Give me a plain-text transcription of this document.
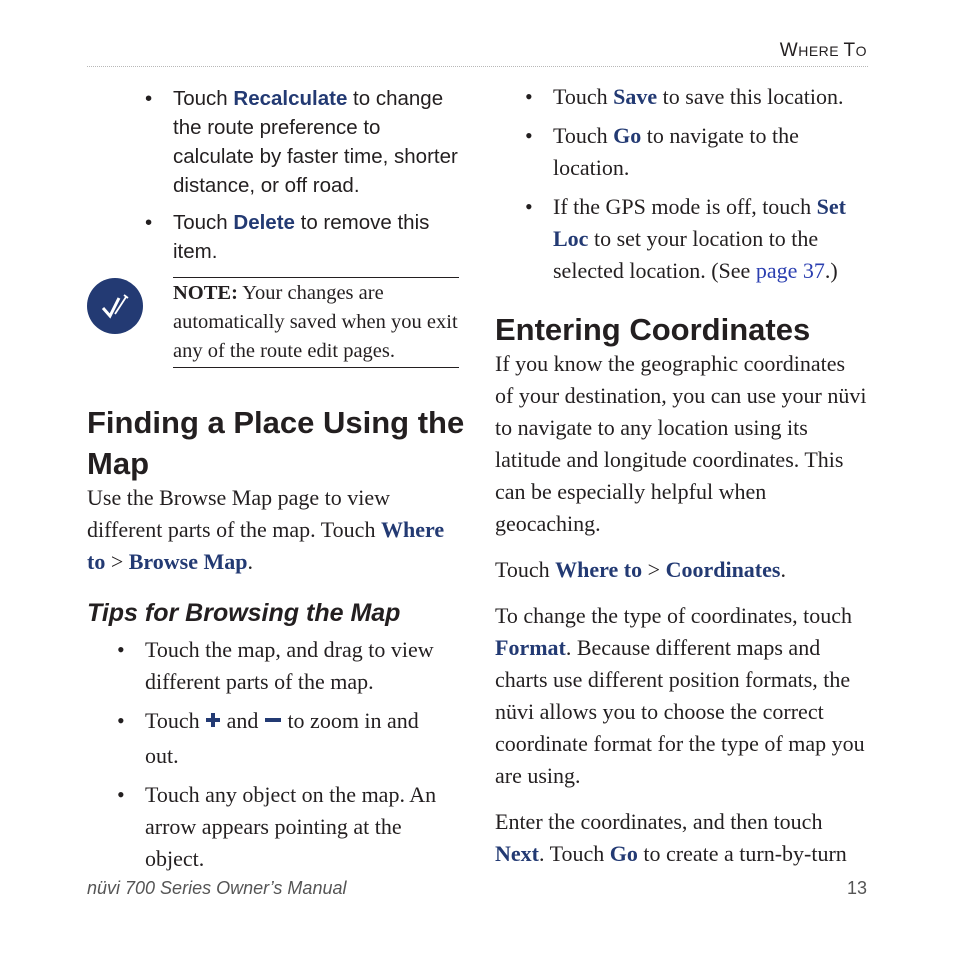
WHERE TO
• Touch Recalculate to change the route preference to calculate by faster time, shorter distance, or off road.
• Touch Delete to remove this item.
NOTE: Your changes are automatically saved when you exit any of the route edit pages.
Finding a Place Using the Map
Use the Browse Map page to view different parts of the map. Touch Where to > Browse Map.
Tips for Browsing the Map
• Touch the map, and drag to view different parts of the map.
• Touch  and  to zoom in and out.
• Touch any object on the map. An arrow appears pointing at the object.
• Touch Save to save this location.
• Touch Go to navigate to the location.
• If the GPS mode is off, touch Set Loc to set your location to the selected location. (See page 37.)
Entering Coordinates

If you know the geographic coordinates of your destination, you can use your nüvi to navigate to any location using its latitude and longitude coordinates. This can be especially helpful when geocaching.

Touch Where to > Coordinates.

To change the type of coordinates, touch Format. Because different maps and charts use different position formats, the nüvi allows you to choose the correct coordinate format for the type of map you are using.

Enter the coordinates, and then touch Next. Touch Go to create a turn-by-turn

nüvi 700 Series Owner’s Manual	13
